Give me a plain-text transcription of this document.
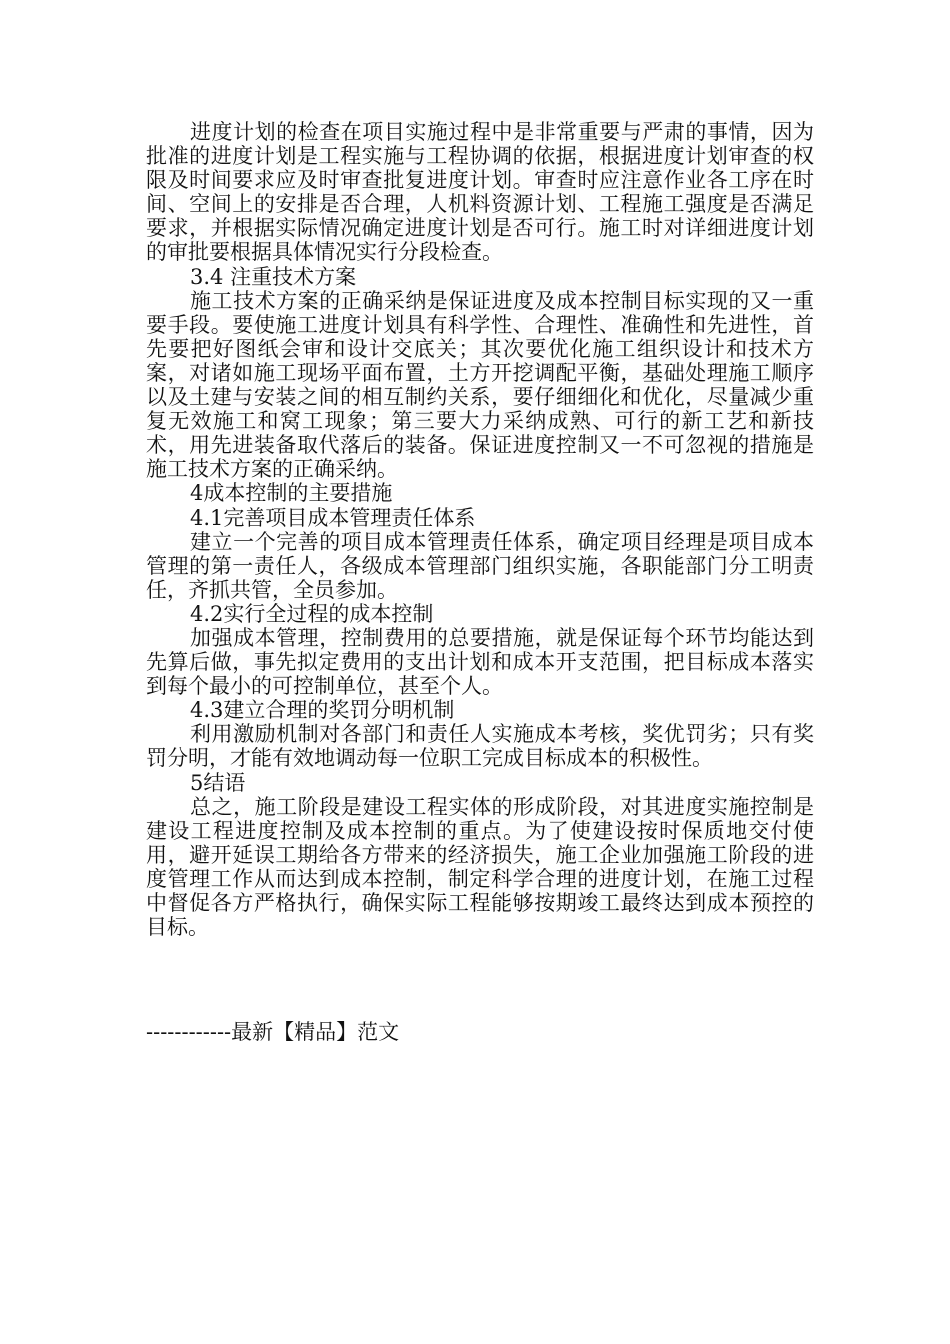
进度计划的检查在项目实施过程中是非常重要与严肃的事情，因为批准的进度计划是工程实施与工程协调的依据，根据进度计划审查的权限及时间要求应及时审查批复进度计划。审查时应注意作业各工序在时间、空间上的安排是否合理，人机料资源计划、工程施工强度是否满足要求，并根据实际情况确定进度计划是否可行。施工时对详细进度计划的审批要根据具体情况实行分段检查。

3.4 注重技术方案

施工技术方案的正确采纳是保证进度及成本控制目标实现的又一重要手段。要使施工进度计划具有科学性、合理性、准确性和先进性，首先要把好图纸会审和设计交底关；其次要优化施工组织设计和技术方案，对诸如施工现场平面布置，土方开挖调配平衡，基础处理施工顺序以及土建与安装之间的相互制约关系，要仔细细化和优化，尽量减少重复无效施工和窝工现象；第三要大力采纳成熟、可行的新工艺和新技术，用先进装备取代落后的装备。保证进度控制又一不可忽视的措施是施工技术方案的正确采纳。

4成本控制的主要措施

4.1完善项目成本管理责任体系

建立一个完善的项目成本管理责任体系，确定项目经理是项目成本管理的第一责任人，各级成本管理部门组织实施，各职能部门分工明责任，齐抓共管，全员参加。

4.2实行全过程的成本控制

加强成本管理，控制费用的总要措施，就是保证每个环节均能达到先算后做，事先拟定费用的支出计划和成本开支范围，把目标成本落实到每个最小的可控制单位，甚至个人。

4.3建立合理的奖罚分明机制

利用激励机制对各部门和责任人实施成本考核，奖优罚劣；只有奖罚分明，才能有效地调动每一位职工完成目标成本的积极性。

5结语

总之，施工阶段是建设工程实体的形成阶段，对其进度实施控制是建设工程进度控制及成本控制的重点。为了使建设按时保质地交付使用，避开延误工期给各方带来的经济损失，施工企业加强施工阶段的进度管理工作从而达到成本控制，制定科学合理的进度计划，在施工过程中督促各方严格执行，确保实际工程能够按期竣工最终达到成本预控的目标。

------------最新【精品】范文
